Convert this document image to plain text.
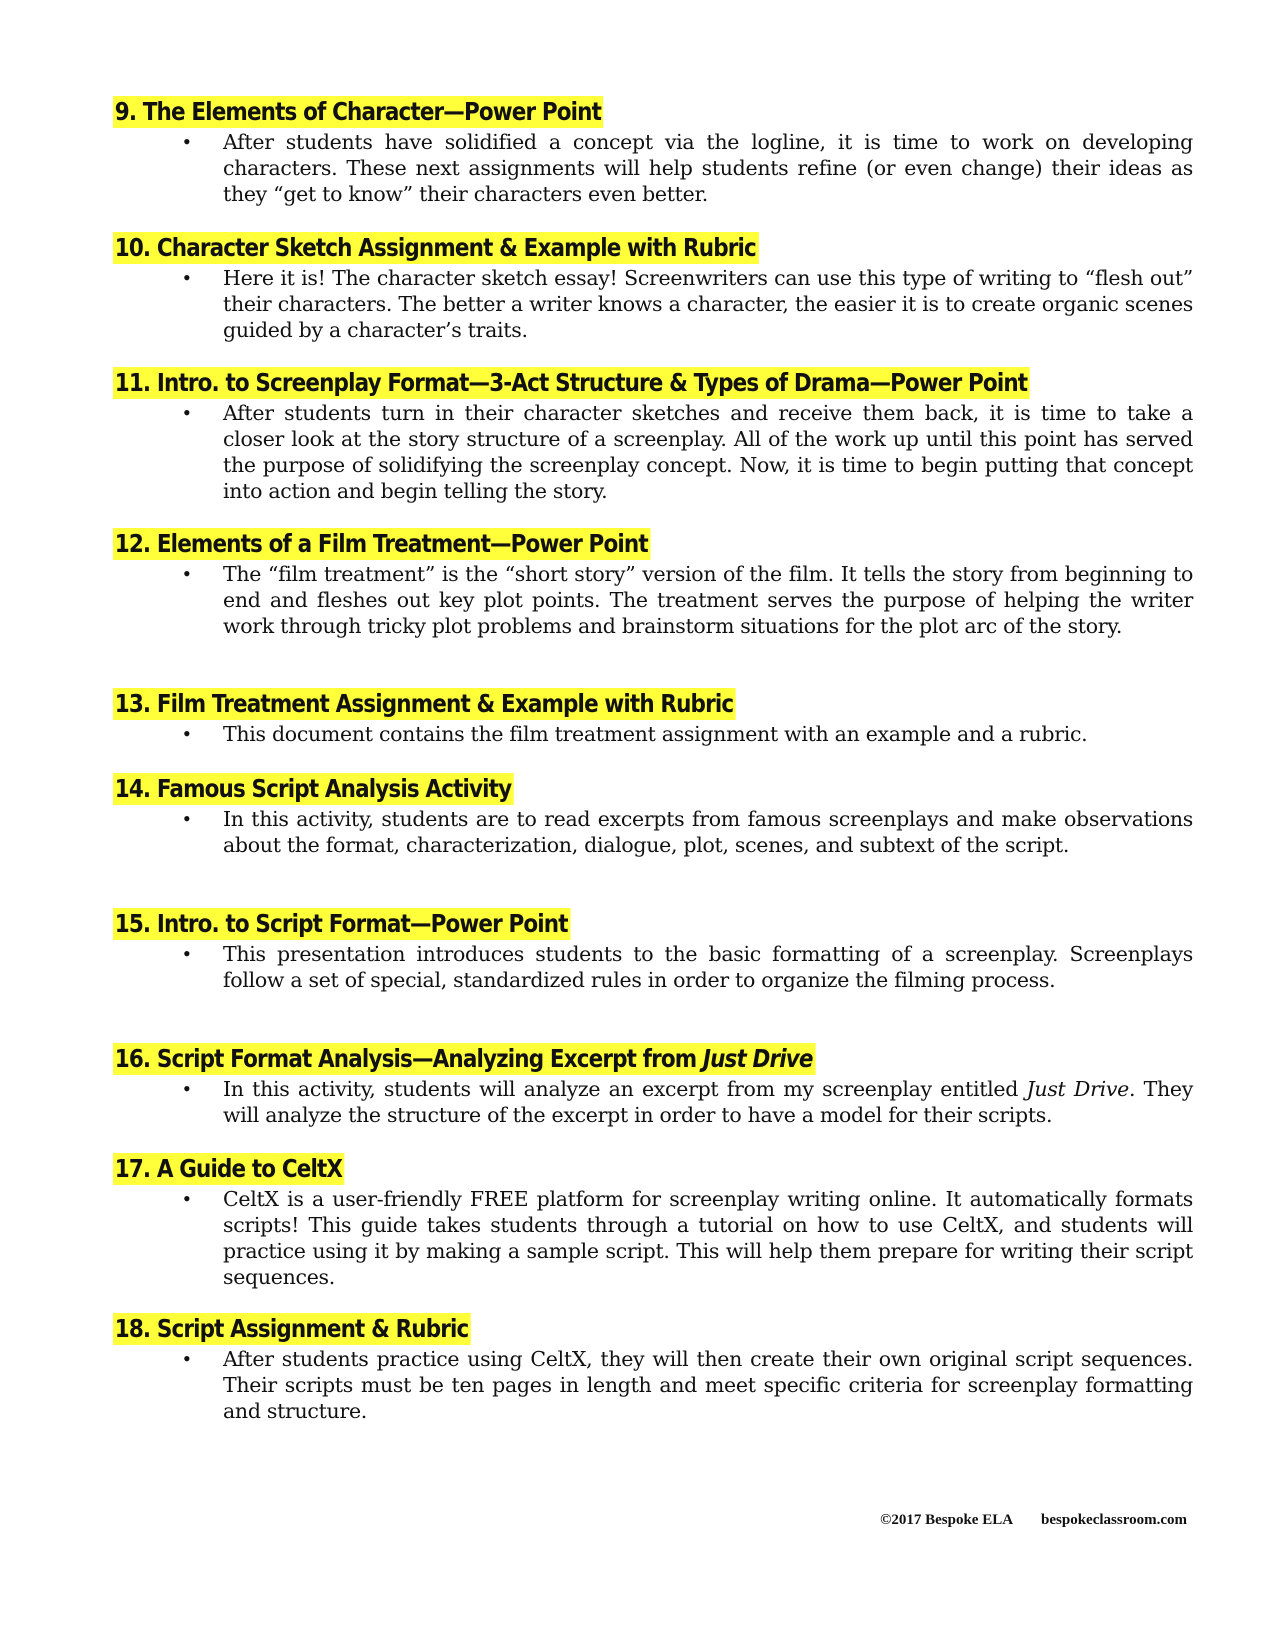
9. The Elements of Character—Power Point
• After students have solidified a concept via the logline, it is time to work on developing characters. These next assignments will help students refine (or even change) their ideas as they “get to know” their characters even better.
10. Character Sketch Assignment & Example with Rubric
• Here it is! The character sketch essay! Screenwriters can use this type of writing to “flesh out” their characters. The better a writer knows a character, the easier it is to create organic scenes guided by a character’s traits.
11. Intro. to Screenplay Format—3-Act Structure & Types of Drama—Power Point
• After students turn in their character sketches and receive them back, it is time to take a closer look at the story structure of a screenplay. All of the work up until this point has served the purpose of solidifying the screenplay concept. Now, it is time to begin putting that concept into action and begin telling the story.
12. Elements of a Film Treatment—Power Point
• The “film treatment” is the “short story” version of the film. It tells the story from beginning to end and fleshes out key plot points. The treatment serves the purpose of helping the writer work through tricky plot problems and brainstorm situations for the plot arc of the story.
13. Film Treatment Assignment & Example with Rubric
• This document contains the film treatment assignment with an example and a rubric.
14. Famous Script Analysis Activity
• In this activity, students are to read excerpts from famous screenplays and make observations about the format, characterization, dialogue, plot, scenes, and subtext of the script.
15. Intro. to Script Format—Power Point
• This presentation introduces students to the basic formatting of a screenplay. Screenplays follow a set of special, standardized rules in order to organize the filming process.
16. Script Format Analysis—Analyzing Excerpt from Just Drive
• In this activity, students will analyze an excerpt from my screenplay entitled Just Drive. They will analyze the structure of the excerpt in order to have a model for their scripts.
17. A Guide to CeltX
• CeltX is a user-friendly FREE platform for screenplay writing online. It automatically formats scripts! This guide takes students through a tutorial on how to use CeltX, and students will practice using it by making a sample script. This will help them prepare for writing their script sequences.
18. Script Assignment & Rubric
• After students practice using CeltX, they will then create their own original script sequences. Their scripts must be ten pages in length and meet specific criteria for screenplay formatting and structure.
©2017 Bespoke ELA bespokeclassroom.com
